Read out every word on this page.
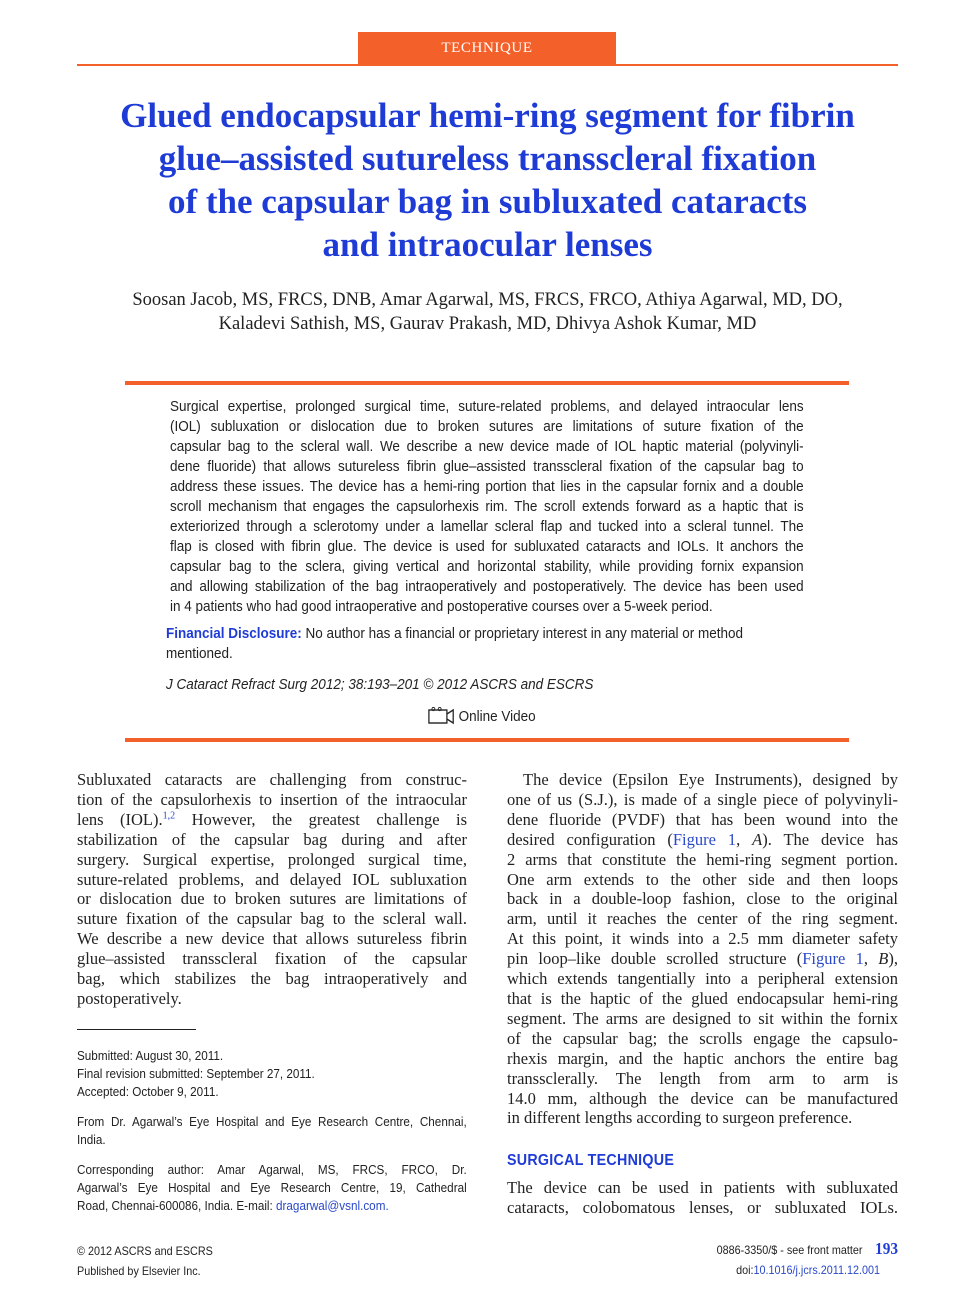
TECHNIQUE
Glued endocapsular hemi-ring segment for fibrin
glue–assisted sutureless transscleral fixation
of the capsular bag in subluxated cataracts
and intraocular lenses
Soosan Jacob, MS, FRCS, DNB, Amar Agarwal, MS, FRCS, FRCO, Athiya Agarwal, MD, DO,
Kaladevi Sathish, MS, Gaurav Prakash, MD, Dhivya Ashok Kumar, MD
Surgical expertise, prolonged surgical time, suture-related problems, and delayed intraocular lens
(IOL) subluxation or dislocation due to broken sutures are limitations of suture fixation of the
capsular bag to the scleral wall. We describe a new device made of IOL haptic material (polyvinyli-
dene fluoride) that allows sutureless fibrin glue–assisted transscleral fixation of the capsular bag to
address these issues. The device has a hemi-ring portion that lies in the capsular fornix and a double
scroll mechanism that engages the capsulorhexis rim. The scroll extends forward as a haptic that is
exteriorized through a sclerotomy under a lamellar scleral flap and tucked into a scleral tunnel. The
flap is closed with fibrin glue. The device is used for subluxated cataracts and IOLs. It anchors the
capsular bag to the sclera, giving vertical and horizontal stability, while providing fornix expansion
and allowing stabilization of the bag intraoperatively and postoperatively. The device has been used
in 4 patients who had good intraoperative and postoperative courses over a 5-week period.
Financial Disclosure: No author has a financial or proprietary interest in any material or method mentioned.
J Cataract Refract Surg 2012; 38:193–201 © 2012 ASCRS and ESCRS
Online Video
Subluxated cataracts are challenging from construc-
tion of the capsulorhexis to insertion of the intraocular
lens (IOL).$^{1,2}$ However, the greatest challenge is
stabilization of the capsular bag during and after
surgery. Surgical expertise, prolonged surgical time,
suture-related problems, and delayed IOL subluxation
or dislocation due to broken sutures are limitations of
suture fixation of the capsular bag to the scleral wall.
We describe a new device that allows sutureless fibrin
glue–assisted transscleral fixation of the capsular
bag, which stabilizes the bag intraoperatively and
postoperatively.
Submitted: August 30, 2011.
Final revision submitted: September 27, 2011.
Accepted: October 9, 2011.
From Dr. Agarwal’s Eye Hospital and Eye Research Centre, Chennai,
India.
Corresponding author: Amar Agarwal, MS, FRCS, FRCO, Dr.
Agarwal’s Eye Hospital and Eye Research Centre, 19, Cathedral
Road, Chennai-600086, India. E-mail: dragarwal@vsnl.com.
The device (Epsilon Eye Instruments), designed by
one of us (S.J.), is made of a single piece of polyvinyli-
dene fluoride (PVDF) that has been wound into the
desired configuration (Figure 1, A). The device has
2 arms that constitute the hemi-ring segment portion.
One arm extends to the other side and then loops
back in a double-loop fashion, close to the original
arm, until it reaches the center of the ring segment.
At this point, it winds into a 2.5 mm diameter safety
pin loop–like double scrolled structure (Figure 1, B),
which extends tangentially into a peripheral extension
that is the haptic of the glued endocapsular hemi-ring
segment. The arms are designed to sit within the fornix
of the capsular bag; the scrolls engage the capsulo-
rhexis margin, and the haptic anchors the entire bag
transsclerally. The length from arm to arm is
14.0 mm, although the device can be manufactured
in different lengths according to surgeon preference.
SURGICAL TECHNIQUE
The device can be used in patients with subluxated
cataracts, colobomatous lenses, or subluxated IOLs.
© 2012 ASCRS and ESCRS
Published by Elsevier Inc.
0886-3350/$ - see front matter 193
doi:10.1016/j.jcrs.2011.12.001
